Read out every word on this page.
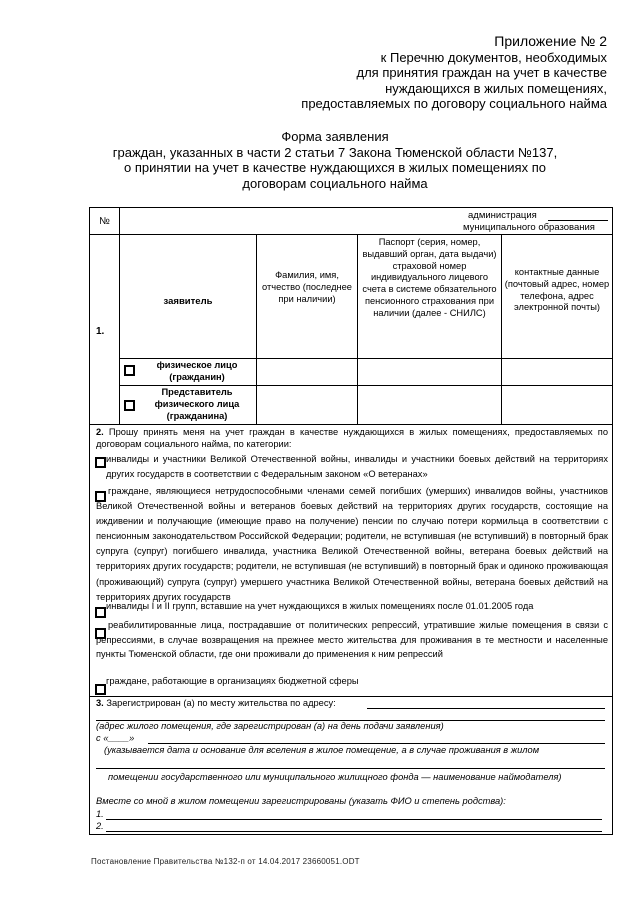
Приложение № 2
к Перечню документов, необходимых
для принятия граждан на учет в качестве
нуждающихся в жилых помещениях,
предоставляемых по договору социального найма
Форма заявления
граждан, указанных в части 2 статьи 7 Закона Тюменской области №137,
о принятии на учет в качестве нуждающихся в жилых помещениях по
договорам социального найма
№
администрация
муниципального образования
1.
заявитель
Фамилия, имя, отчество (последнее при наличии)
Паспорт (серия, номер, выдавший орган, дата выдачи) страховой номер индивидуального лицевого счета в системе обязательного пенсионного страхования при наличии (далее - СНИЛС)
контактные данные (почтовый адрес, номер телефона, адрес электронной почты)
физическое лицо (гражданин)
Представитель физического лица (гражданина)
2. Прошу принять меня на учет граждан в качестве нуждающихся в жилых помещениях, предоставляемых по договорам социального найма, по категории:
инвалиды и участники Великой Отечественной войны, инвалиды и участники боевых действий на территориях других государств в соответствии с Федеральным законом «О ветеранах»
граждане, являющиеся нетрудоспособными членами семей погибших (умерших) инвалидов войны, участников Великой Отечественной войны и ветеранов боевых действий на территориях других государств, состоящие на иждивении и получающие (имеющие право на получение) пенсии по случаю потери кормильца в соответствии с пенсионным законодательством Российской Федерации; родители, не вступившая (не вступивший) в повторный брак супруга (супруг) погибшего инвалида, участника Великой Отечественной войны, ветерана боевых действий на территориях других государств; родители, не вступившая (не вступивший) в повторный брак и одиноко проживающая (проживающий) супруга (супруг) умершего участника Великой Отечественной войны, ветерана боевых действий на территориях других государств
инвалиды I и II групп, вставшие на учет нуждающихся в жилых помещениях после 01.01.2005 года
реабилитированные лица, пострадавшие от политических репрессий, утратившие жилые помещения в связи с репрессиями, в случае возвращения на прежнее место жительства для проживания в те местности и населенные пункты Тюменской области, где они проживали до применения к ним репрессий
граждане, работающие в организациях бюджетной сферы
3. Зарегистрирован (а) по месту жительства по адресу:
(адрес жилого помещения, где зарегистрирован (а) на день подачи заявления)
с «____»
(указывается дата и основание для вселения в жилое помещение, а в случае проживания в жилом
помещении государственного или муниципального жилищного фонда — наименование наймодателя)
Вместе со мной в жилом помещении зарегистрированы (указать ФИО и степень родства):
1.
2.
Постановление Правительства №132-п от 14.04.2017 23660051.ODT
